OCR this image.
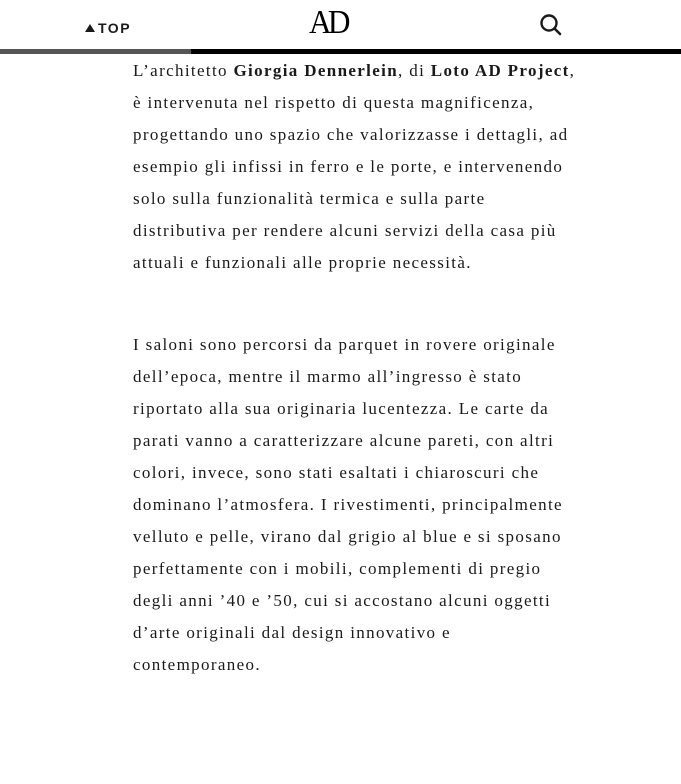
TOP	AD

L’architetto Giorgia Dennerlein, di Loto AD Project, è intervenuta nel rispetto di questa magnificenza, progettando uno spazio che valorizzasse i dettagli, ad esempio gli infissi in ferro e le porte, e intervenendo solo sulla funzionalità termica e sulla parte distributiva per rendere alcuni servizi della casa più attuali e funzionali alle proprie necessità.

I saloni sono percorsi da parquet in rovere originale dell’epoca, mentre il marmo all’ingresso è stato riportato alla sua originaria lucentezza. Le carte da parati vanno a caratterizzare alcune pareti, con altri colori, invece, sono stati esaltati i chiaroscuri che dominano l’atmosfera. I rivestimenti, principalmente velluto e pelle, virano dal grigio al blue e si sposano perfettamente con i mobili, complementi di pregio degli anni ’40 e ’50, cui si accostano alcuni oggetti d’arte originali dal design innovativo e contemporaneo.
